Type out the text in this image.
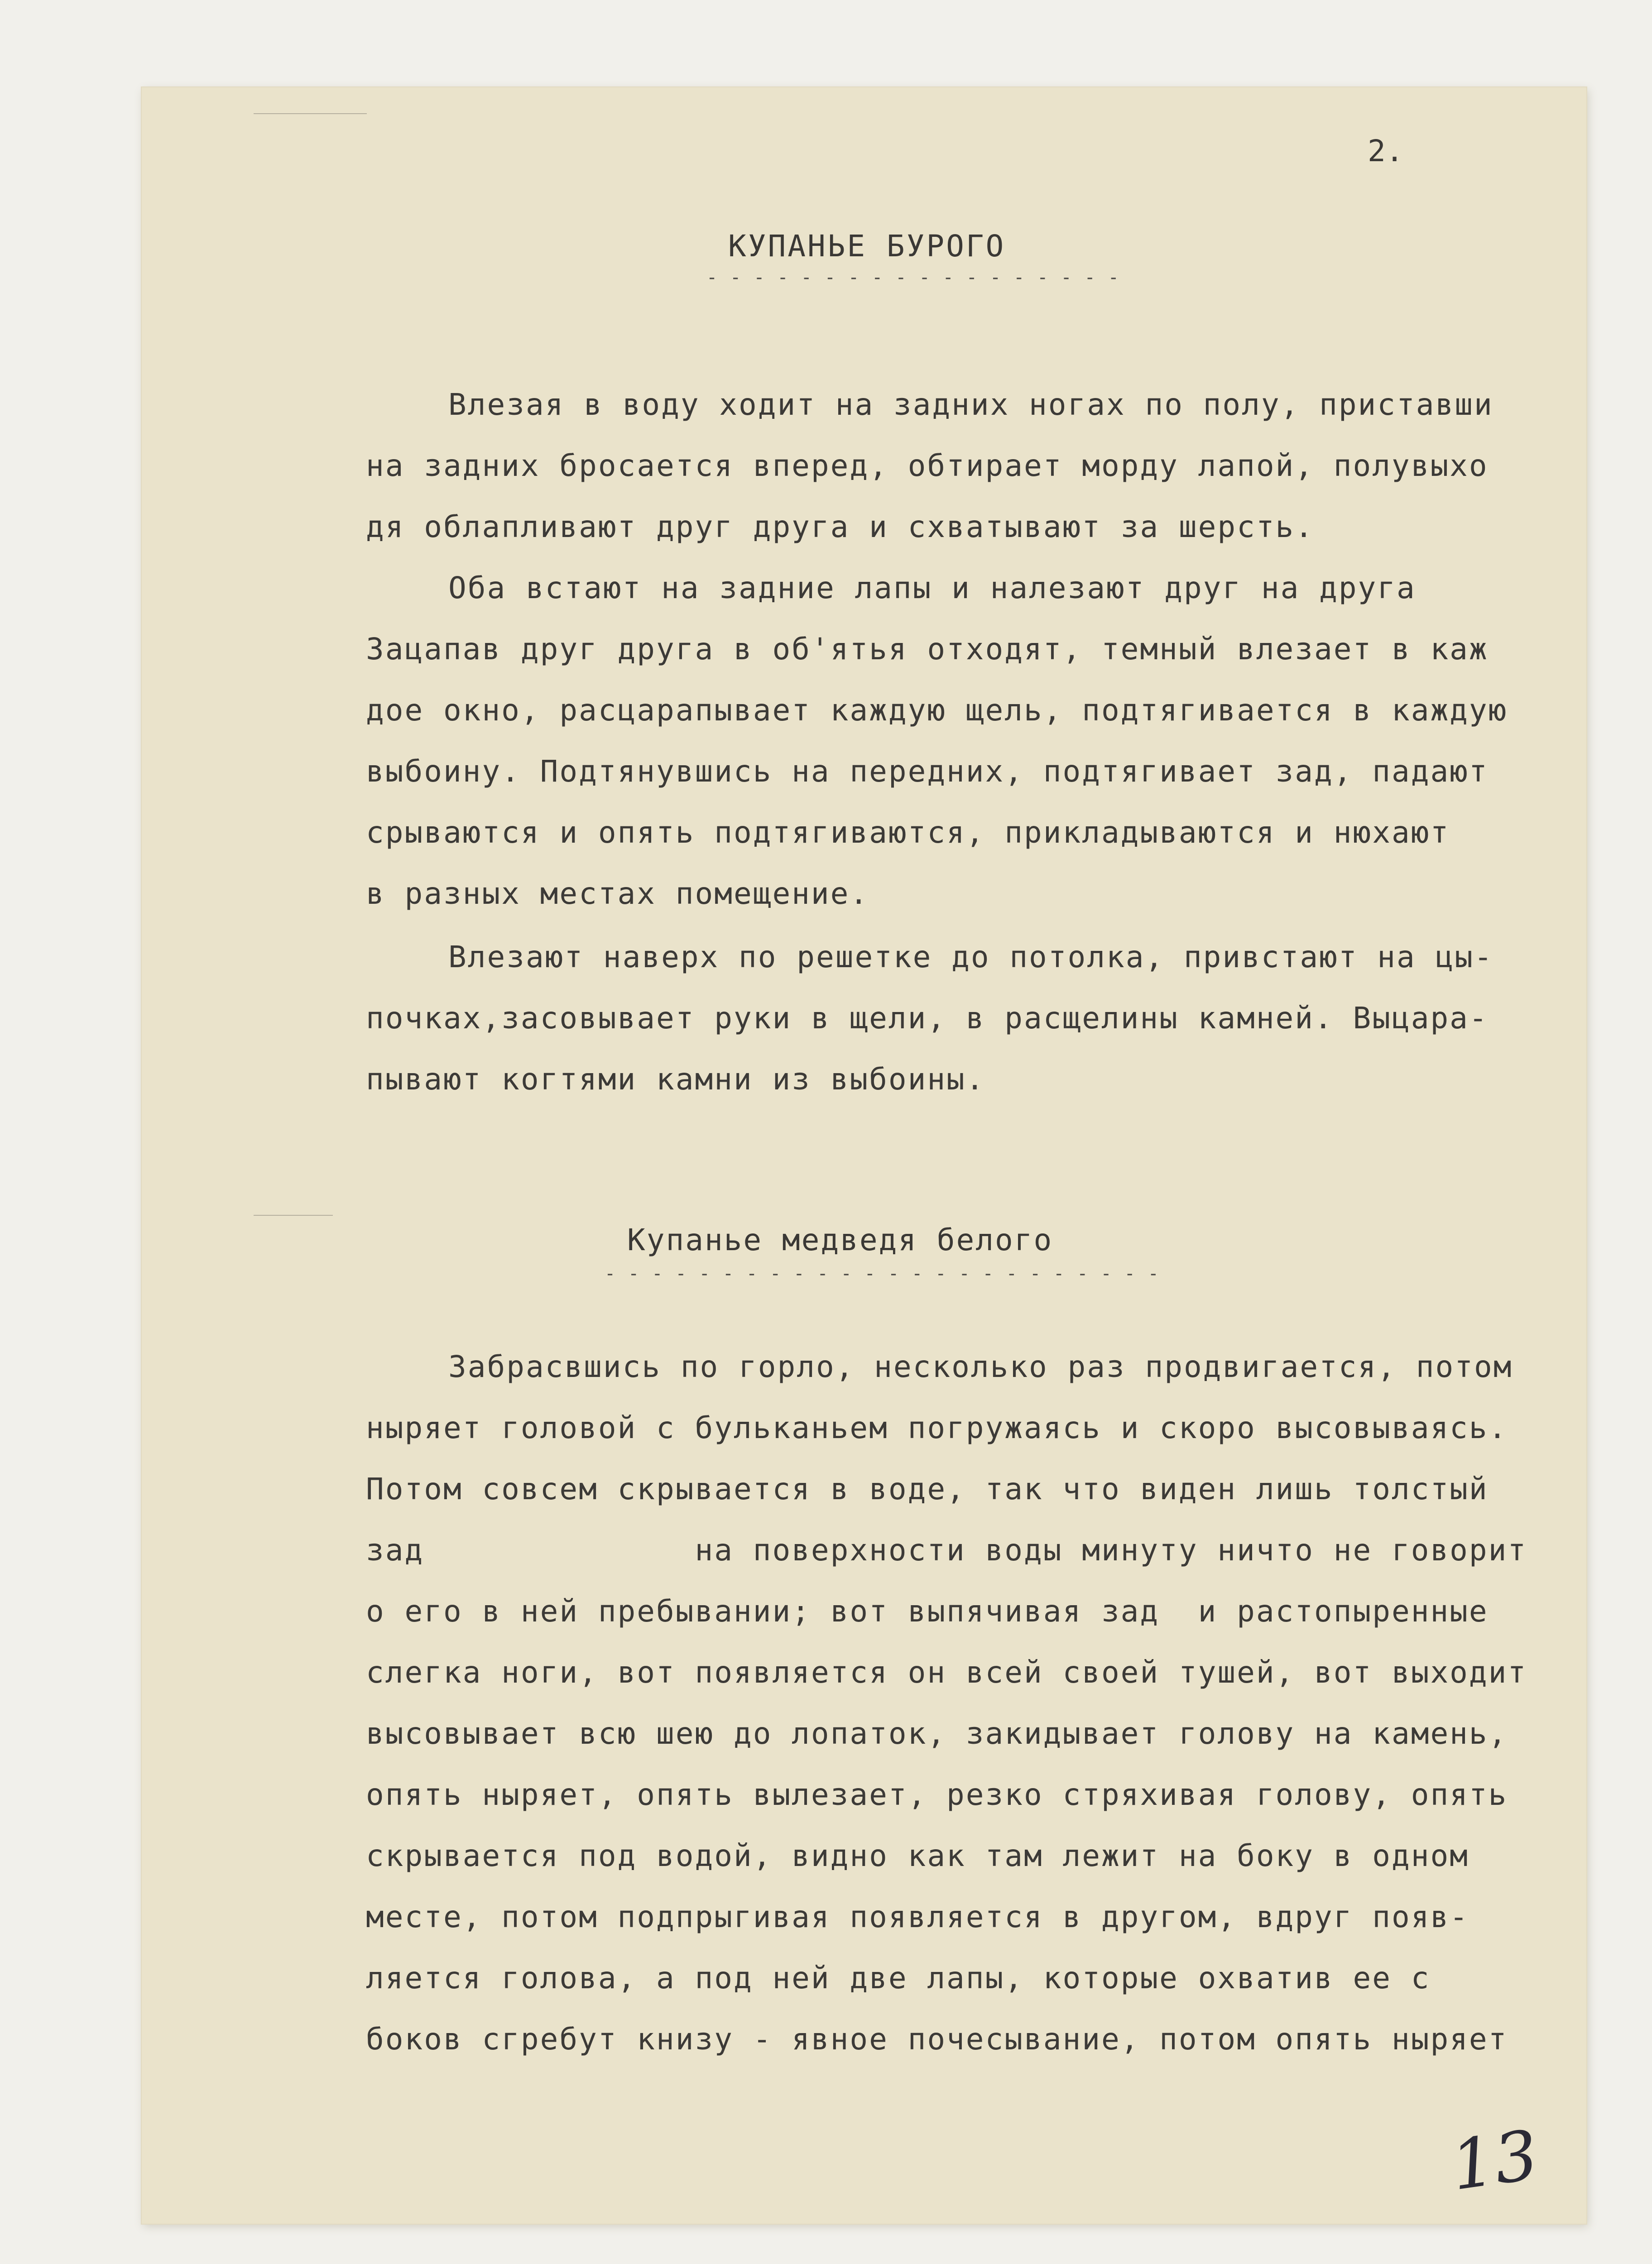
2.
КУПАНЬЕ БУРОГО
- - - - - - - - - - - - - - - - - -
Влезая в воду ходит на задних ногах по полу, приставши
на задних бросается вперед, обтирает морду лапой, полувыхо
дя облапливают друг друга и схватывают за шерсть.
Оба встают на задние лапы и налезают друг на друга
Зацапав друг друга в об'ятья отходят, темный влезает в каж
дое окно, расцарапывает каждую щель, подтягивается в каждую
выбоину. Подтянувшись на передних, подтягивает зад, падают
срываются и опять подтягиваются, прикладываются и нюхают
в разных местах помещение.
Влезают наверх по решетке до потолка, привстают на цы-
почках,засовывает руки в щели, в расщелины камней. Выцара-
пывают когтями камни из выбоины.
Купанье медведя белого
- - - - - - - - - - - - - - - - - - - - - - - -
Забрасвшись по горло, несколько раз продвигается, потом
ныряет головой с бульканьем погружаясь и скоро высовываясь.
Потом совсем скрывается в воде, так что виден лишь толстый
зад              на поверхности воды минуту ничто не говорит
о его в ней пребывании; вот выпячивая зад  и растопыренные
слегка ноги, вот появляется он всей своей тушей, вот выходит
высовывает всю шею до лопаток, закидывает голову на камень,
опять ныряет, опять вылезает, резко стряхивая голову, опять
скрывается под водой, видно как там лежит на боку в одном
месте, потом подпрыгивая появляется в другом, вдруг появ-
ляется голова, а под ней две лапы, которые охватив ее с
боков сгребут книзу - явное почесывание, потом опять ныряет
13
